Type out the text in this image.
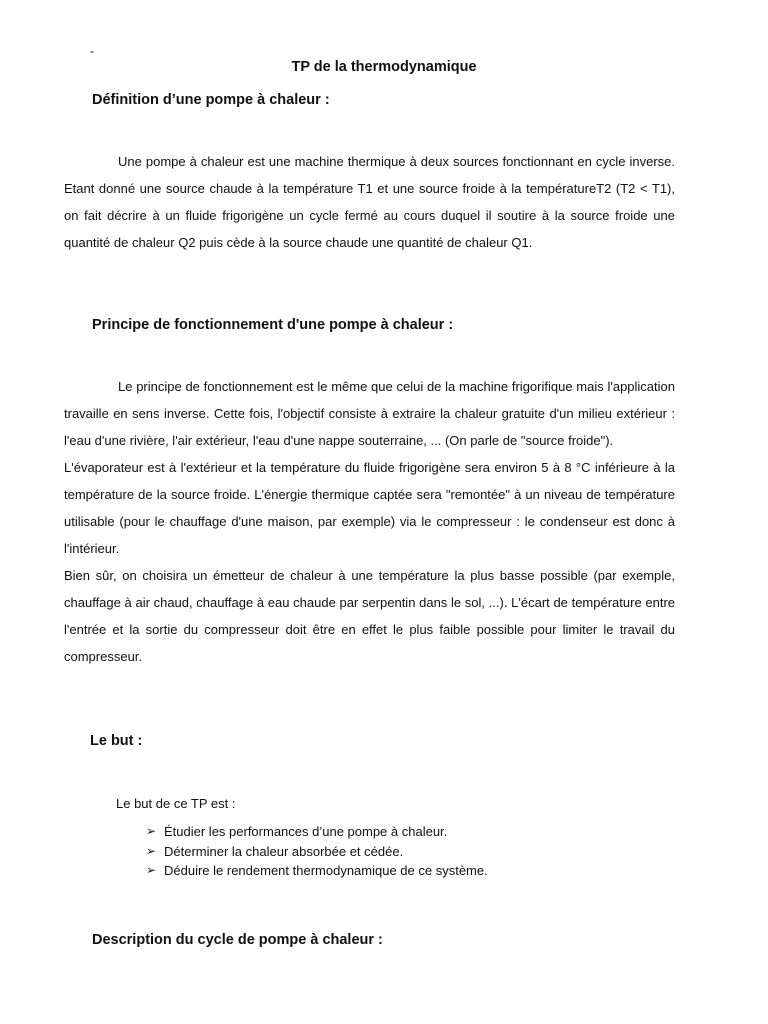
-
TP de la thermodynamique
Définition d’une pompe à chaleur :

Une pompe à chaleur est une machine thermique à deux sources fonctionnant en cycle inverse. Etant donné une source chaude à la température T1 et une source froide à la températureT2 (T2 < T1), on fait décrire à un fluide frigorigène un cycle fermé au cours duquel il soutire à la source froide une quantité de chaleur Q2 puis cède à la source chaude une quantité de chaleur Q1.

Principe de fonctionnement d'une pompe à chaleur :

Le principe de fonctionnement est le même que celui de la machine frigorifique mais l'application travaille en sens inverse. Cette fois, l'objectif consiste à extraire la chaleur gratuite d'un milieu extérieur : l'eau d'une rivière, l'air extérieur, l'eau d'une nappe souterraine, ... (On parle de "source froide").

L'évaporateur est à l'extérieur et la température du fluide frigorigène sera environ 5 à 8 °C inférieure à la température de la source froide. L'énergie thermique captée sera "remontée" à un niveau de température utilisable (pour le chauffage d'une maison, par exemple) via le compresseur : le condenseur est donc à l'intérieur.

Bien sûr, on choisira un émetteur de chaleur à une température la plus basse possible (par exemple, chauffage à air chaud, chauffage à eau chaude par serpentin dans le sol, ...). L'écart de température entre l'entrée et la sortie du compresseur doit être en effet le plus faible possible pour limiter le travail du compresseur.

Le but :

Le but de ce TP est :

➢ Étudier les performances d’une pompe à chaleur.
➢ Déterminer la chaleur absorbée et cédée.
➢ Déduire le rendement thermodynamique de ce système.
Description du cycle de pompe à chaleur :
